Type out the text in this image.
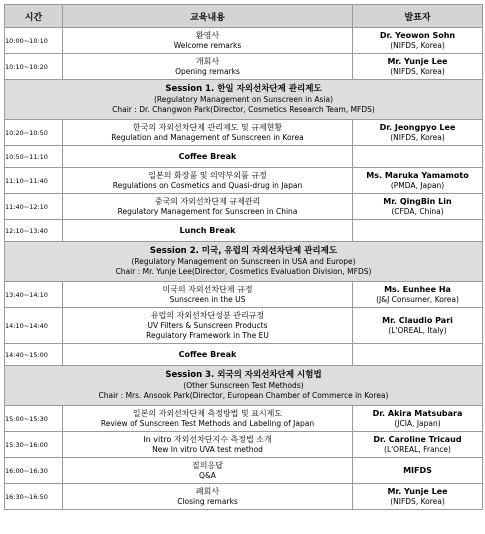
시간	교육내용	발표자
10:00~10:10	환영사
Welcome remarks	Dr. Yeowon Sohn
(NIFDS, Korea)

10:10~10:20	개회사
Opening remarks	Mr. Yunje Lee
(NIFDS, Korea)

Session 1. 한일 자외선차단제 관리제도
(Regulatory Management on Sunscreen in Asia)
Chair : Dr. Changwon Park(Director, Cosmetics Research Team, MFDS)		

10:20~10:50	한국의 자외선차단제 관리제도 및 규제현황
Regulation and Management of Sunscreen in Korea	Dr. Jeongpyo Lee
(NIFDS, Korea)

10:50~11:10	Coffee Break	
11:10~11:40	일본의 화장품 및 의약부외품 규정
Regulations on Cosmetics and Quasi-drug in Japan	Ms. Maruka Yamamoto
(PMDA, Japan)

11:40~12:10	중국의 자외선차단제 규제관리
Regulatory Management for Sunscreen in China	Mr. QingBin Lin
(CFDA, China)

12:10~13:40	Lunch Break	

Session 2. 미국, 유럽의 자외선차단제 관리제도
(Regulatory Management on Sunscreen in USA and Europe)
Chair : Mr. Yunje Lee(Director, Cosmetics Evaluation Division, MFDS)		

13:40~14:10	미국의 자외선차단제 규정
Sunscreen in the US	Ms. Eunhee Ha
(J&J Consumer, Korea)

14:10~14:40	유럽의 자외선차단성분 관리규정
UV Filters & Sunscreen Products
Regulatory Framework in The EU	Mr. Claudio Pari
(L'OREAL, Italy)

14:40~15:00	Coffee Break	

Session 3. 외국의 자외선차단제 시험법
(Other Sunscreen Test Methods)
Chair : Mrs. Ansook Park(Director, European Chamber of Commerce in Korea)		

15:00~15:30	일본의 자외선차단제 측정방법 및 표시제도
Review of Sunscreen Test Methods and Labeling of Japan	Dr. Akira Matsubara
(JCIA, Japan)

15:30~16:00	In vitro 자외선차단지수 측정법 소개
New In vitro UVA test method	Dr. Caroline Tricaud
(L'OREAL, France)

16:00~16:30	질의응답
Q&A	MIFDS

16:30~16:50	폐회사
Closing remarks	Mr. Yunje Lee
(NIFDS, Korea)
